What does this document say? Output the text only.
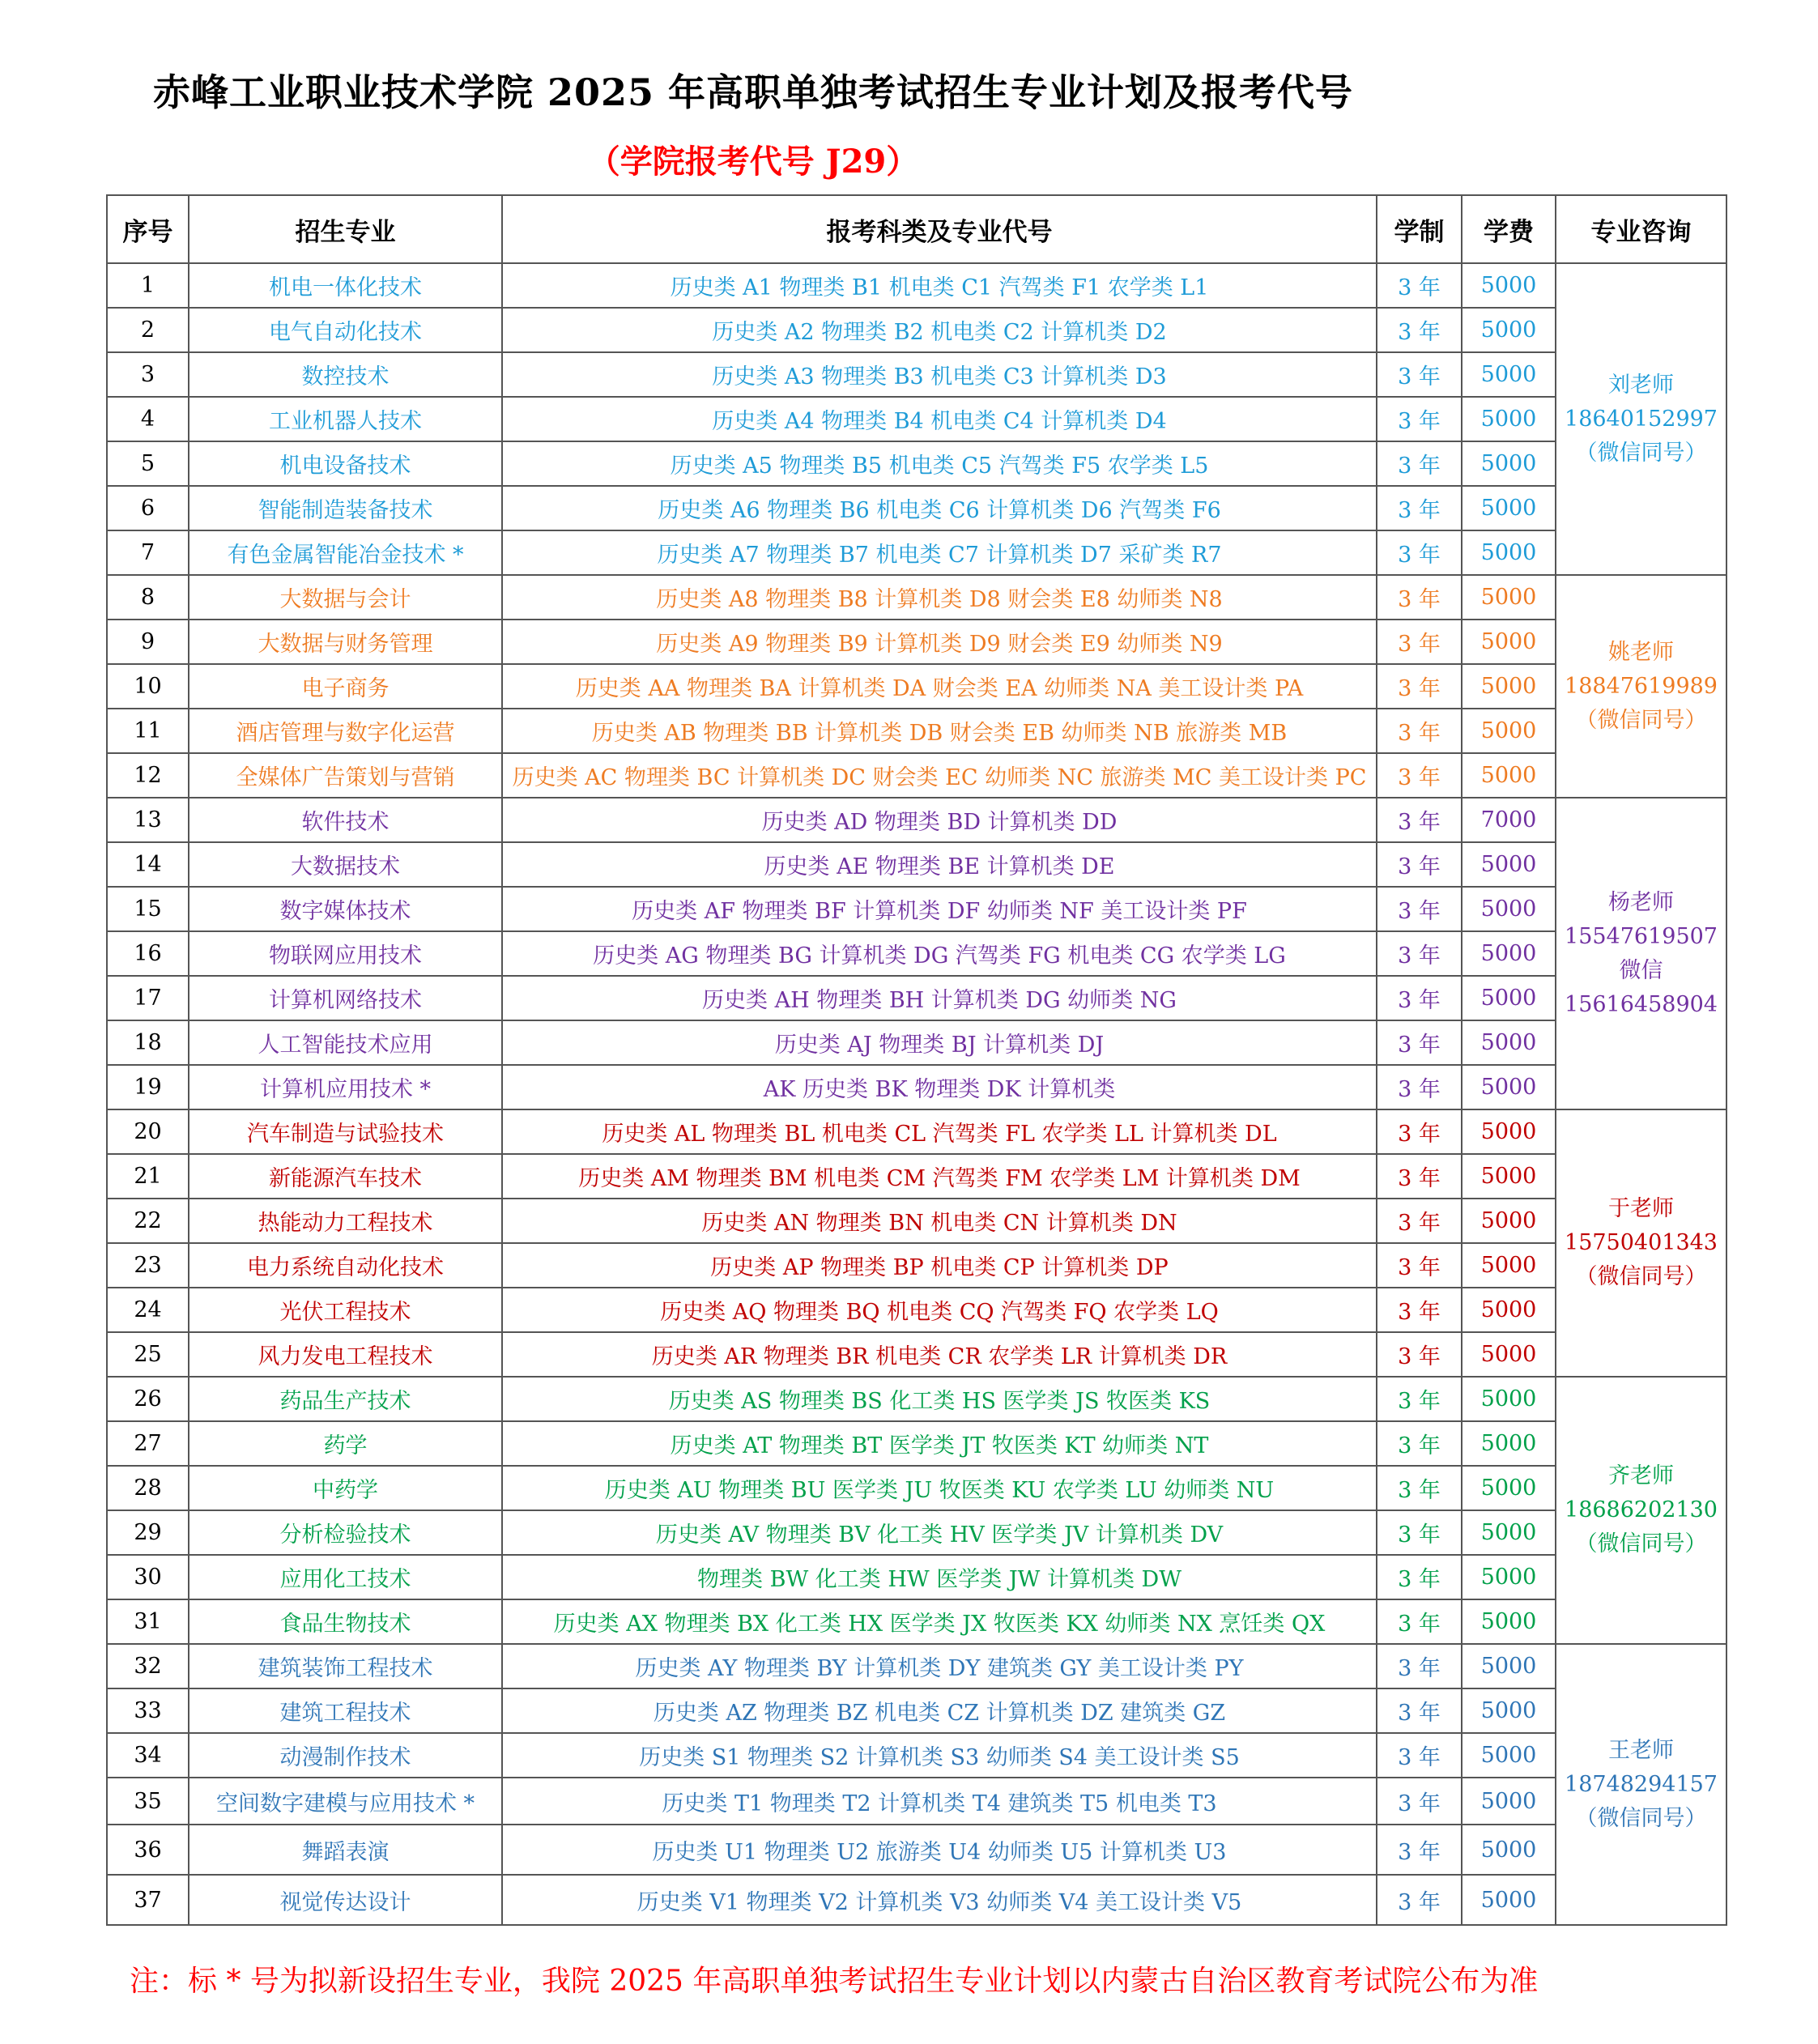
赤峰工业职业技术学院 2025 年高职单独考试招生专业计划及报考代号
（学院报考代号 J29）
序号	招生专业	报考科类及专业代号	学制	学费	专业咨询
1	机电一体化技术	历史类 A1 物理类 B1 机电类 C1 汽驾类 F1 农学类 L1	3 年	5000	刘老师
18640152997
（微信同号）

2	电气自动化技术	历史类 A2 物理类 B2 机电类 C2 计算机类 D2	3 年	5000	
3	数控技术	历史类 A3 物理类 B3 机电类 C3 计算机类 D3	3 年	5000	
4	工业机器人技术	历史类 A4 物理类 B4 机电类 C4 计算机类 D4	3 年	5000	
5	机电设备技术	历史类 A5 物理类 B5 机电类 C5 汽驾类 F5 农学类 L5	3 年	5000	
6	智能制造装备技术	历史类 A6 物理类 B6 机电类 C6 计算机类 D6 汽驾类 F6	3 年	5000	
7	有色金属智能冶金技术 *	历史类 A7 物理类 B7 机电类 C7 计算机类 D7 采矿类 R7	3 年	5000	
8	大数据与会计	历史类 A8 物理类 B8 计算机类 D8 财会类 E8 幼师类 N8	3 年	5000	姚老师
18847619989
（微信同号）

9	大数据与财务管理	历史类 A9 物理类 B9 计算机类 D9 财会类 E9 幼师类 N9	3 年	5000	
10	电子商务	历史类 AA 物理类 BA 计算机类 DA 财会类 EA 幼师类 NA 美工设计类 PA	3 年	5000	
11	酒店管理与数字化运营	历史类 AB 物理类 BB 计算机类 DB 财会类 EB 幼师类 NB 旅游类 MB	3 年	5000	
12	全媒体广告策划与营销	历史类 AC 物理类 BC 计算机类 DC 财会类 EC 幼师类 NC 旅游类 MC 美工设计类 PC	3 年	5000	
13	软件技术	历史类 AD 物理类 BD 计算机类 DD	3 年	7000	杨老师
15547619507
微信
15616458904

14	大数据技术	历史类 AE 物理类 BE 计算机类 DE	3 年	5000	
15	数字媒体技术	历史类 AF 物理类 BF 计算机类 DF 幼师类 NF 美工设计类 PF	3 年	5000	
16	物联网应用技术	历史类 AG 物理类 BG 计算机类 DG 汽驾类 FG 机电类 CG 农学类 LG	3 年	5000	
17	计算机网络技术	历史类 AH 物理类 BH 计算机类 DG 幼师类 NG	3 年	5000	
18	人工智能技术应用	历史类 AJ 物理类 BJ 计算机类 DJ	3 年	5000	
19	计算机应用技术 *	AK 历史类 BK 物理类 DK 计算机类	3 年	5000	
20	汽车制造与试验技术	历史类 AL 物理类 BL 机电类 CL 汽驾类 FL 农学类 LL 计算机类 DL	3 年	5000	于老师
15750401343
（微信同号）

21	新能源汽车技术	历史类 AM 物理类 BM 机电类 CM 汽驾类 FM 农学类 LM 计算机类 DM	3 年	5000	
22	热能动力工程技术	历史类 AN 物理类 BN 机电类 CN 计算机类 DN	3 年	5000	
23	电力系统自动化技术	历史类 AP 物理类 BP 机电类 CP 计算机类 DP	3 年	5000	
24	光伏工程技术	历史类 AQ 物理类 BQ 机电类 CQ 汽驾类 FQ 农学类 LQ	3 年	5000	
25	风力发电工程技术	历史类 AR 物理类 BR 机电类 CR 农学类 LR 计算机类 DR	3 年	5000	
26	药品生产技术	历史类 AS 物理类 BS 化工类 HS 医学类 JS 牧医类 KS	3 年	5000	齐老师
18686202130
（微信同号）

27	药学	历史类 AT 物理类 BT 医学类 JT 牧医类 KT 幼师类 NT	3 年	5000	
28	中药学	历史类 AU 物理类 BU 医学类 JU 牧医类 KU 农学类 LU 幼师类 NU	3 年	5000	
29	分析检验技术	历史类 AV 物理类 BV 化工类 HV 医学类 JV 计算机类 DV	3 年	5000	
30	应用化工技术	物理类 BW 化工类 HW 医学类 JW 计算机类 DW	3 年	5000	
31	食品生物技术	历史类 AX 物理类 BX 化工类 HX 医学类 JX 牧医类 KX 幼师类 NX 烹饪类 QX	3 年	5000	
32	建筑装饰工程技术	历史类 AY 物理类 BY 计算机类 DY 建筑类 GY 美工设计类 PY	3 年	5000	王老师
18748294157
（微信同号）

33	建筑工程技术	历史类 AZ 物理类 BZ 机电类 CZ 计算机类 DZ 建筑类 GZ	3 年	5000	
34	动漫制作技术	历史类 S1 物理类 S2 计算机类 S3 幼师类 S4 美工设计类 S5	3 年	5000	
35	空间数字建模与应用技术 *	历史类 T1 物理类 T2 计算机类 T4 建筑类 T5 机电类 T3	3 年	5000	
36	舞蹈表演	历史类 U1 物理类 U2 旅游类 U4 幼师类 U5 计算机类 U3	3 年	5000	
37	视觉传达设计	历史类 V1 物理类 V2 计算机类 V3 幼师类 V4 美工设计类 V5	3 年	5000	
注：标 * 号为拟新设招生专业，我院 2025 年高职单独考试招生专业计划以内蒙古自治区教育考试院公布为准
